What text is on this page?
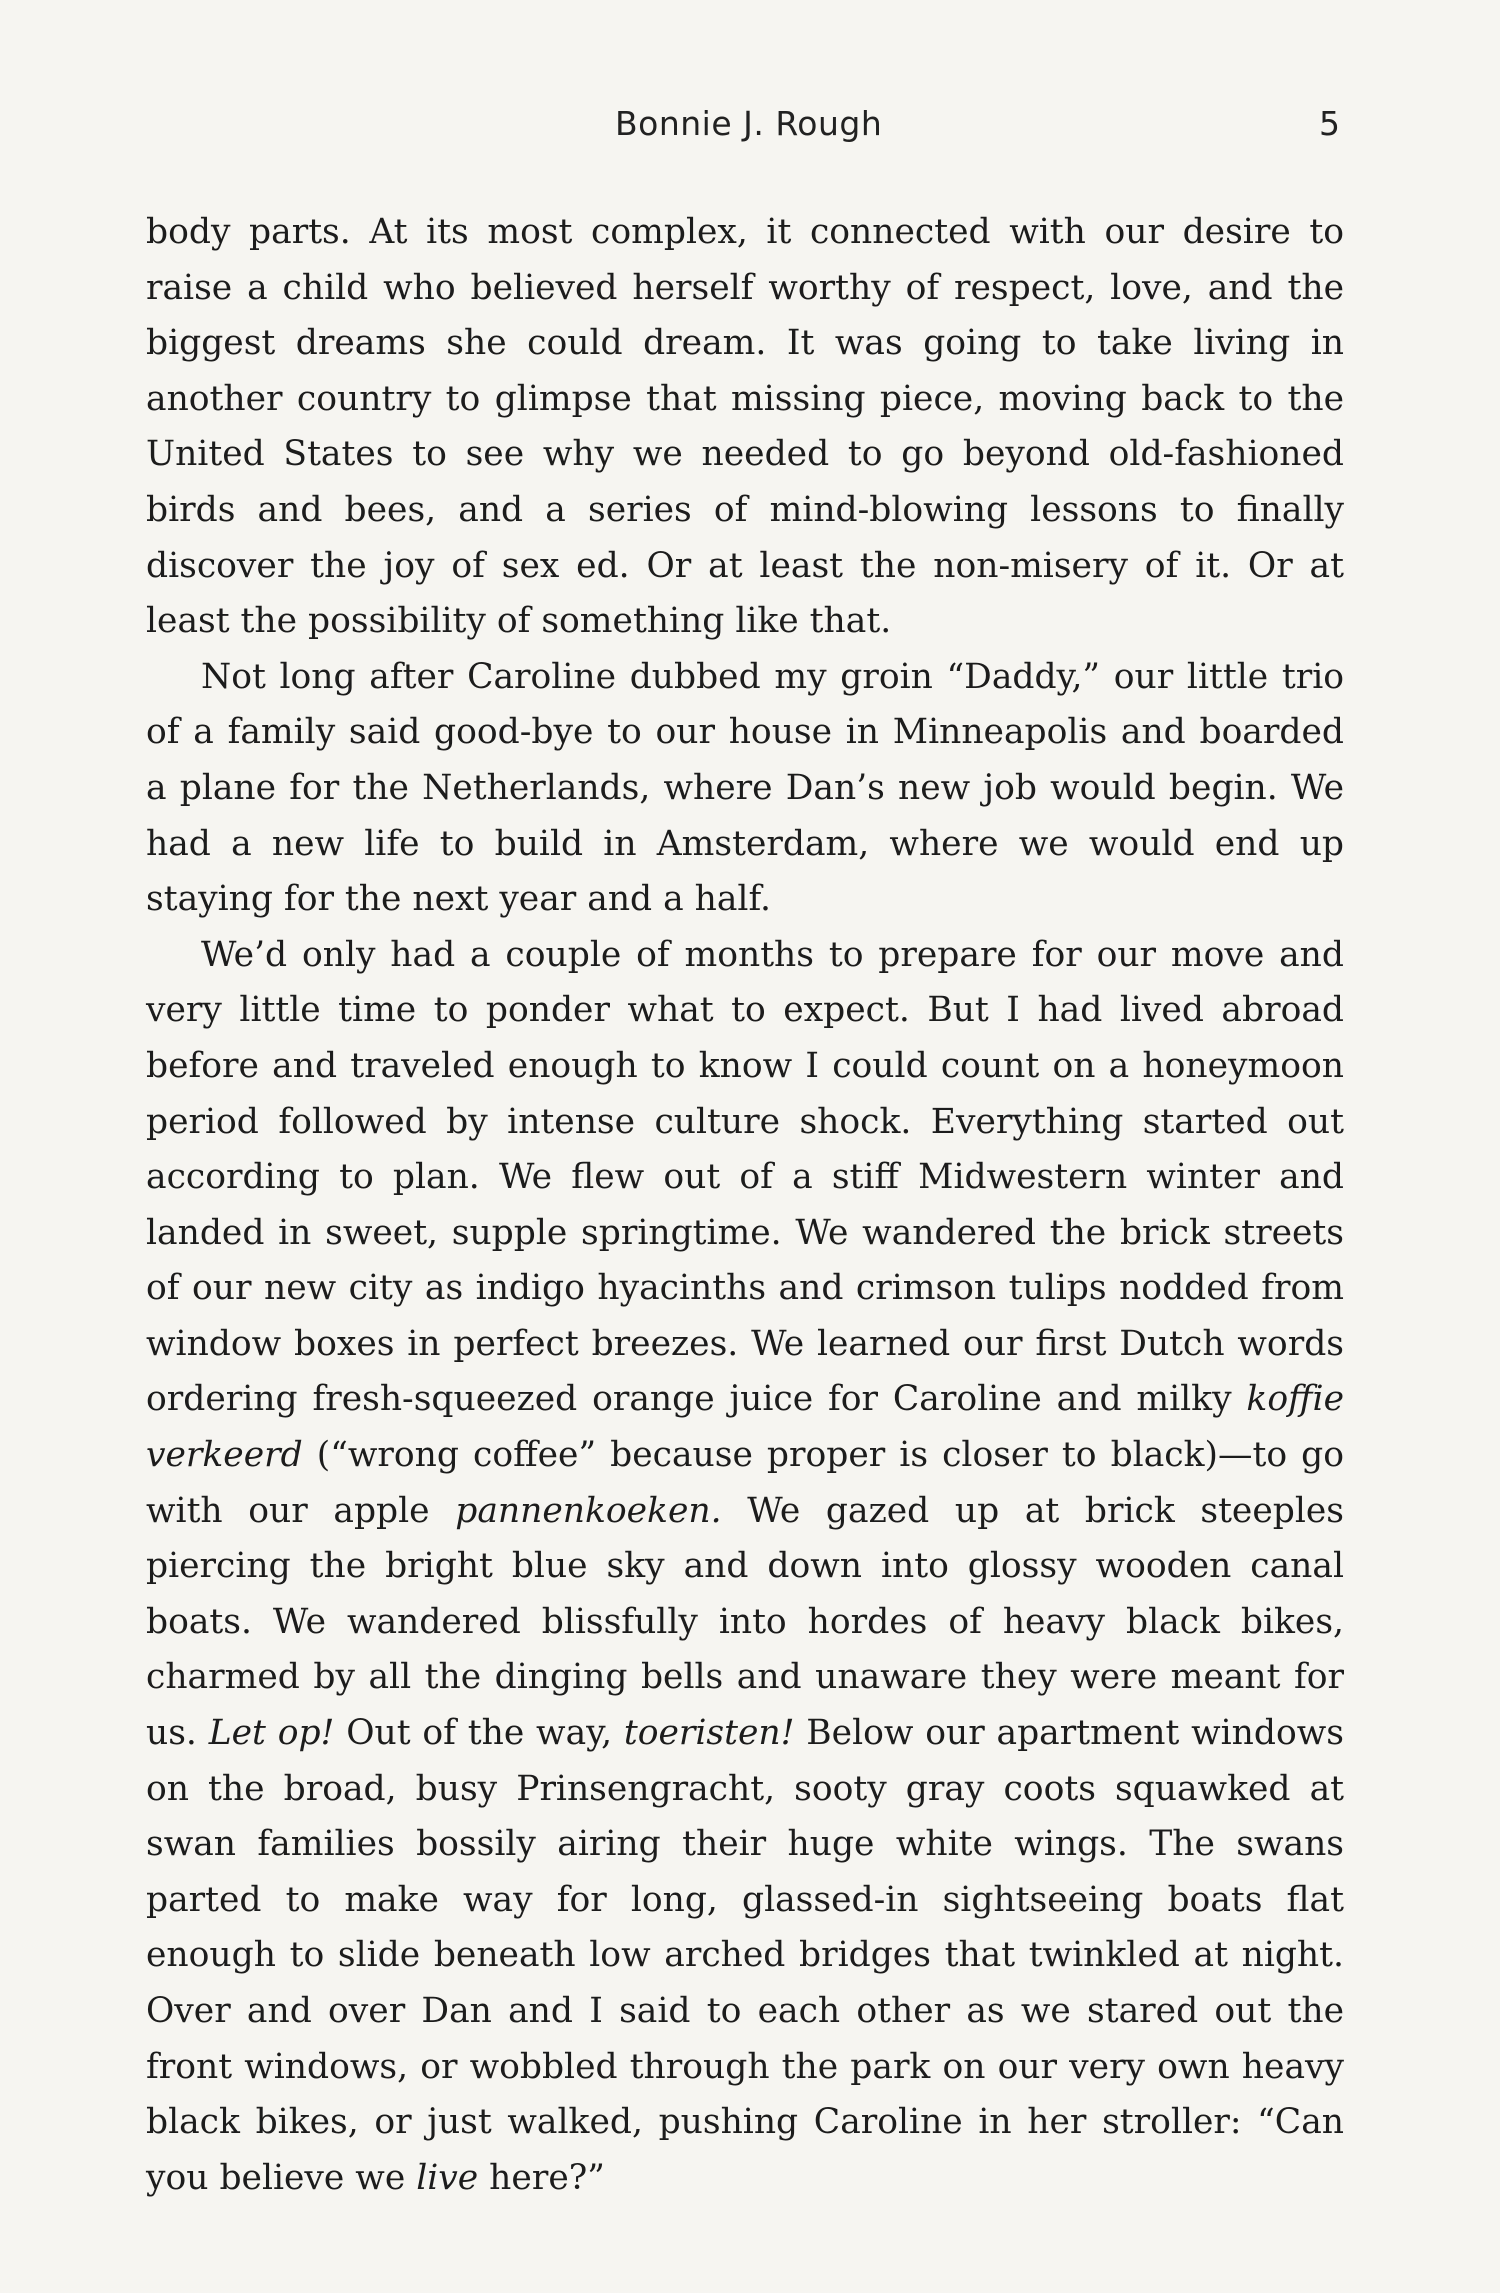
Bonnie J. Rough	5

body parts. At its most complex, it connected with our desire to raise a child who believed herself worthy of respect, love, and the biggest dreams she could dream. It was going to take living in another country to glimpse that missing piece, moving back to the United States to see why we needed to go beyond old-fashioned birds and bees, and a series of mind-blowing lessons to finally discover the joy of sex ed. Or at least the non-misery of it. Or at least the possibility of something like that.

Not long after Caroline dubbed my groin “Daddy,” our little trio of a family said good-bye to our house in Minneapolis and boarded a plane for the Netherlands, where Dan’s new job would begin. We had a new life to build in Amsterdam, where we would end up staying for the next year and a half.

We’d only had a couple of months to prepare for our move and very little time to ponder what to expect. But I had lived abroad before and traveled enough to know I could count on a honeymoon period followed by intense culture shock. Everything started out according to plan. We flew out of a stiff Midwestern winter and landed in sweet, supple springtime. We wandered the brick streets of our new city as indigo hyacinths and crimson tulips nodded from window boxes in perfect breezes. We learned our first Dutch words ordering fresh-squeezed orange juice for Caroline and milky koffie verkeerd (“wrong coffee” because proper is closer to black)—to go with our apple pannenkoeken. We gazed up at brick steeples piercing the bright blue sky and down into glossy wooden canal boats. We wandered blissfully into hordes of heavy black bikes, charmed by all the dinging bells and unaware they were meant for us. Let op! Out of the way, toeristen! Below our apartment windows on the broad, busy Prinsengracht, sooty gray coots squawked at swan families bossily airing their huge white wings. The swans parted to make way for long, glassed-in sightseeing boats flat enough to slide beneath low arched bridges that twinkled at night. Over and over Dan and I said to each other as we stared out the front windows, or wobbled through the park on our very own heavy black bikes, or just walked, pushing Caroline in her stroller: “Can you believe we live here?”
